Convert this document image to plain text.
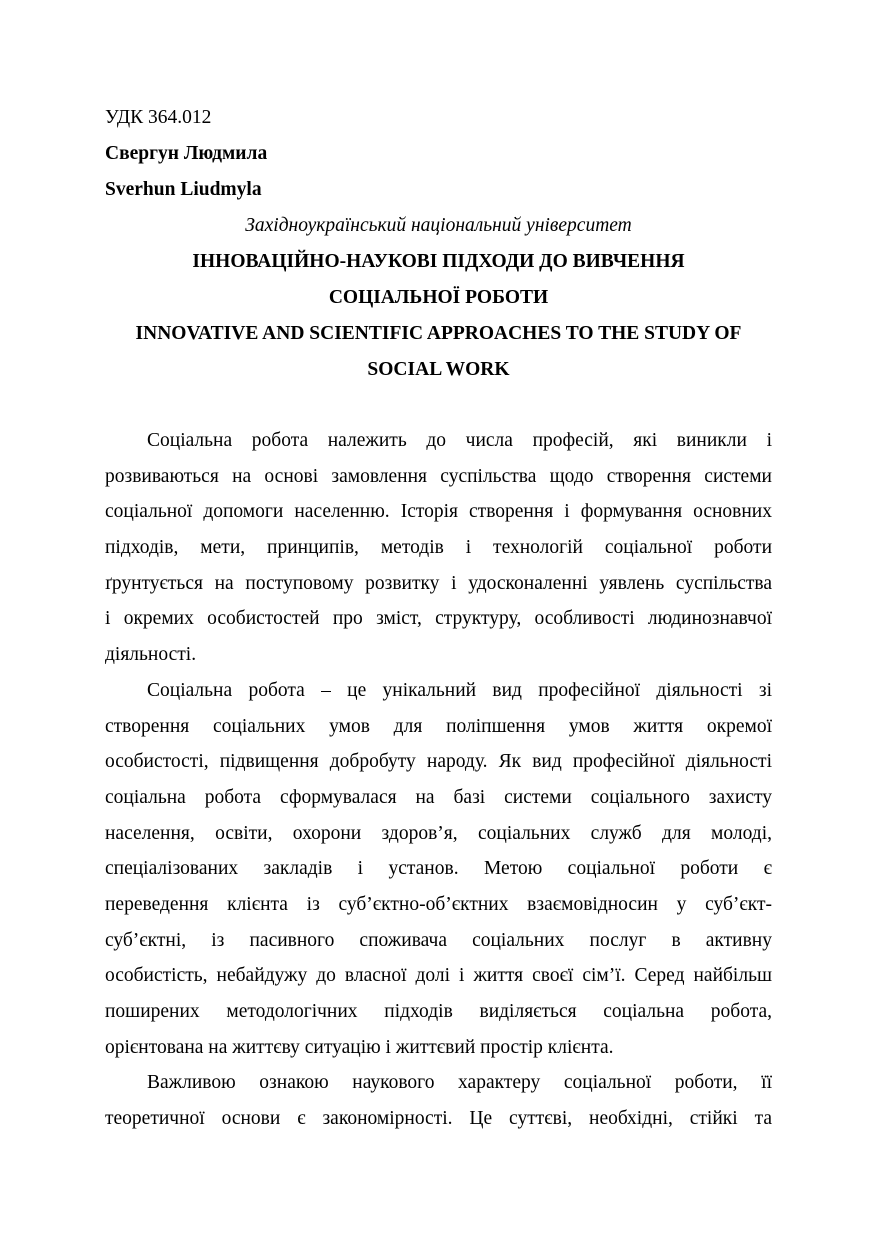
УДК 364.012
Свергун Людмила
Sverhun Liudmyla
Західноукраїнський національний університет
ІННОВАЦІЙНО-НАУКОВІ ПІДХОДИ ДО ВИВЧЕННЯ
СОЦІАЛЬНОЇ РОБОТИ
INNOVATIVE AND SCIENTIFIC APPROACHES TO THE STUDY OF
SOCIAL WORK
Соціальна робота належить до числа професій, які виникли і
розвиваються на основі замовлення суспільства щодо створення системи
соціальної допомоги населенню. Історія створення і формування основних
підходів, мети, принципів, методів і технологій соціальної роботи
ґрунтується на поступовому розвитку і удосконаленні уявлень суспільства
і окремих особистостей про зміст, структуру, особливості людинознавчої
діяльності.
Соціальна робота – це унікальний вид професійної діяльності зі
створення соціальних умов для поліпшення умов життя окремої
особистості, підвищення добробуту народу. Як вид професійної діяльності
соціальна робота сформувалася на базі системи соціального захисту
населення, освіти, охорони здоров’я, соціальних служб для молоді,
спеціалізованих закладів і установ. Метою соціальної роботи є
переведення клієнта із суб’єктно-об’єктних взаємовідносин у суб’єкт-
суб’єктні, із пасивного споживача соціальних послуг в активну
особистість, небайдужу до власної долі і життя своєї сім’ї. Серед найбільш
поширених методологічних підходів виділяється соціальна робота,
орієнтована на життєву ситуацію і життєвий простір клієнта.
Важливою ознакою наукового характеру соціальної роботи, її
теоретичної основи є закономірності. Це суттєві, необхідні, стійкі та
